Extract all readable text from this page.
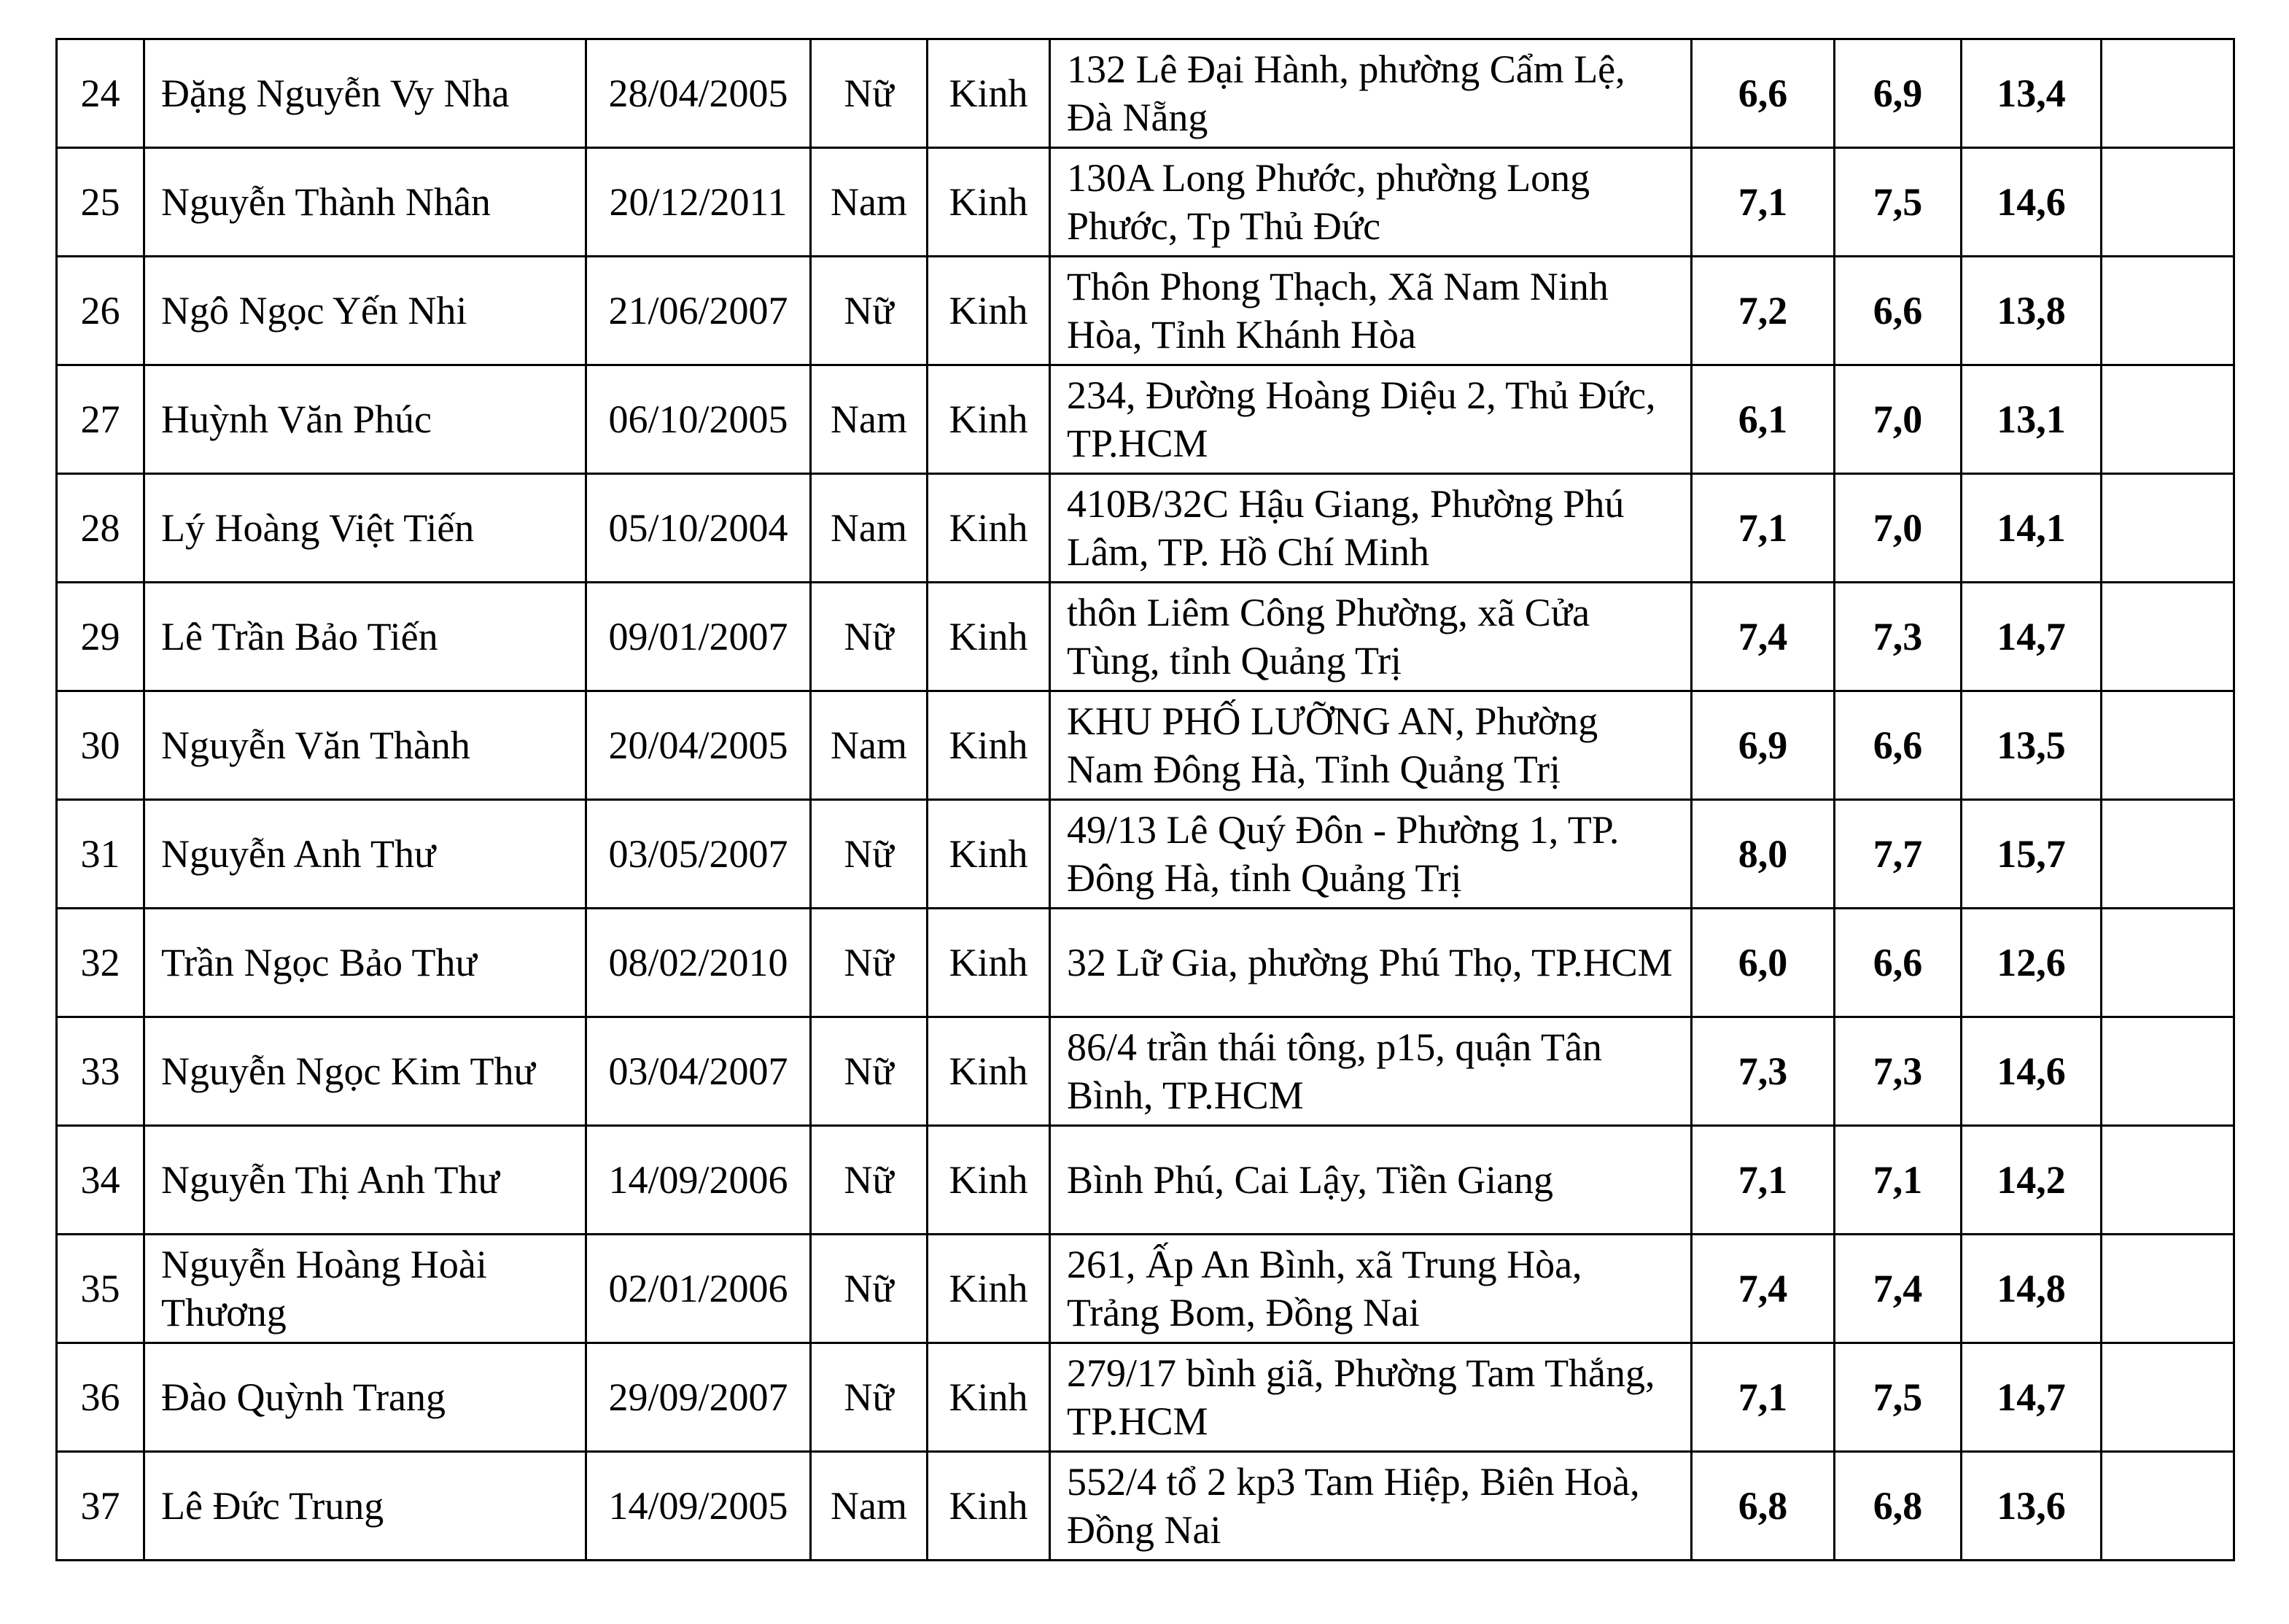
24	Đặng Nguyễn Vy Nha	28/04/2005	Nữ	Kinh	132 Lê Đại Hành, phường Cẩm Lệ, Đà Nẵng	6,6	6,9	13,4	
25	Nguyễn Thành Nhân	20/12/2011	Nam	Kinh	130A Long Phước, phường Long Phước, Tp Thủ Đức	7,1	7,5	14,6	
26	Ngô Ngọc Yến Nhi	21/06/2007	Nữ	Kinh	Thôn Phong Thạch, Xã Nam Ninh Hòa, Tỉnh Khánh Hòa	7,2	6,6	13,8	
27	Huỳnh Văn Phúc	06/10/2005	Nam	Kinh	234, Đường Hoàng Diệu 2, Thủ Đức, TP.HCM	6,1	7,0	13,1	
28	Lý Hoàng Việt Tiến	05/10/2004	Nam	Kinh	410B/32C Hậu Giang, Phường Phú Lâm, TP. Hồ Chí Minh	7,1	7,0	14,1	
29	Lê Trần Bảo Tiến	09/01/2007	Nữ	Kinh	thôn Liêm Công Phường, xã Cửa Tùng, tỉnh Quảng Trị	7,4	7,3	14,7	
30	Nguyễn Văn Thành	20/04/2005	Nam	Kinh	KHU PHỐ LƯỠNG AN, Phường Nam Đông Hà, Tỉnh Quảng Trị	6,9	6,6	13,5	
31	Nguyễn Anh Thư	03/05/2007	Nữ	Kinh	49/13 Lê Quý Đôn - Phường 1, TP. Đông Hà, tỉnh Quảng Trị	8,0	7,7	15,7	
32	Trần Ngọc Bảo Thư	08/02/2010	Nữ	Kinh	32 Lữ Gia, phường Phú Thọ, TP.HCM	6,0	6,6	12,6	
33	Nguyễn Ngọc Kim Thư	03/04/2007	Nữ	Kinh	86/4 trần thái tông, p15, quận Tân Bình, TP.HCM	7,3	7,3	14,6	
34	Nguyễn Thị Anh Thư	14/09/2006	Nữ	Kinh	Bình Phú, Cai Lậy, Tiền Giang	7,1	7,1	14,2	
35	Nguyễn Hoàng Hoài Thương	02/01/2006	Nữ	Kinh	261, Ấp An Bình, xã Trung Hòa, Trảng Bom, Đồng Nai	7,4	7,4	14,8	
36	Đào Quỳnh Trang	29/09/2007	Nữ	Kinh	279/17 bình giã, Phường Tam Thắng, TP.HCM	7,1	7,5	14,7	
37	Lê Đức Trung	14/09/2005	Nam	Kinh	552/4 tổ 2 kp3 Tam Hiệp, Biên Hoà, Đồng Nai	6,8	6,8	13,6	
